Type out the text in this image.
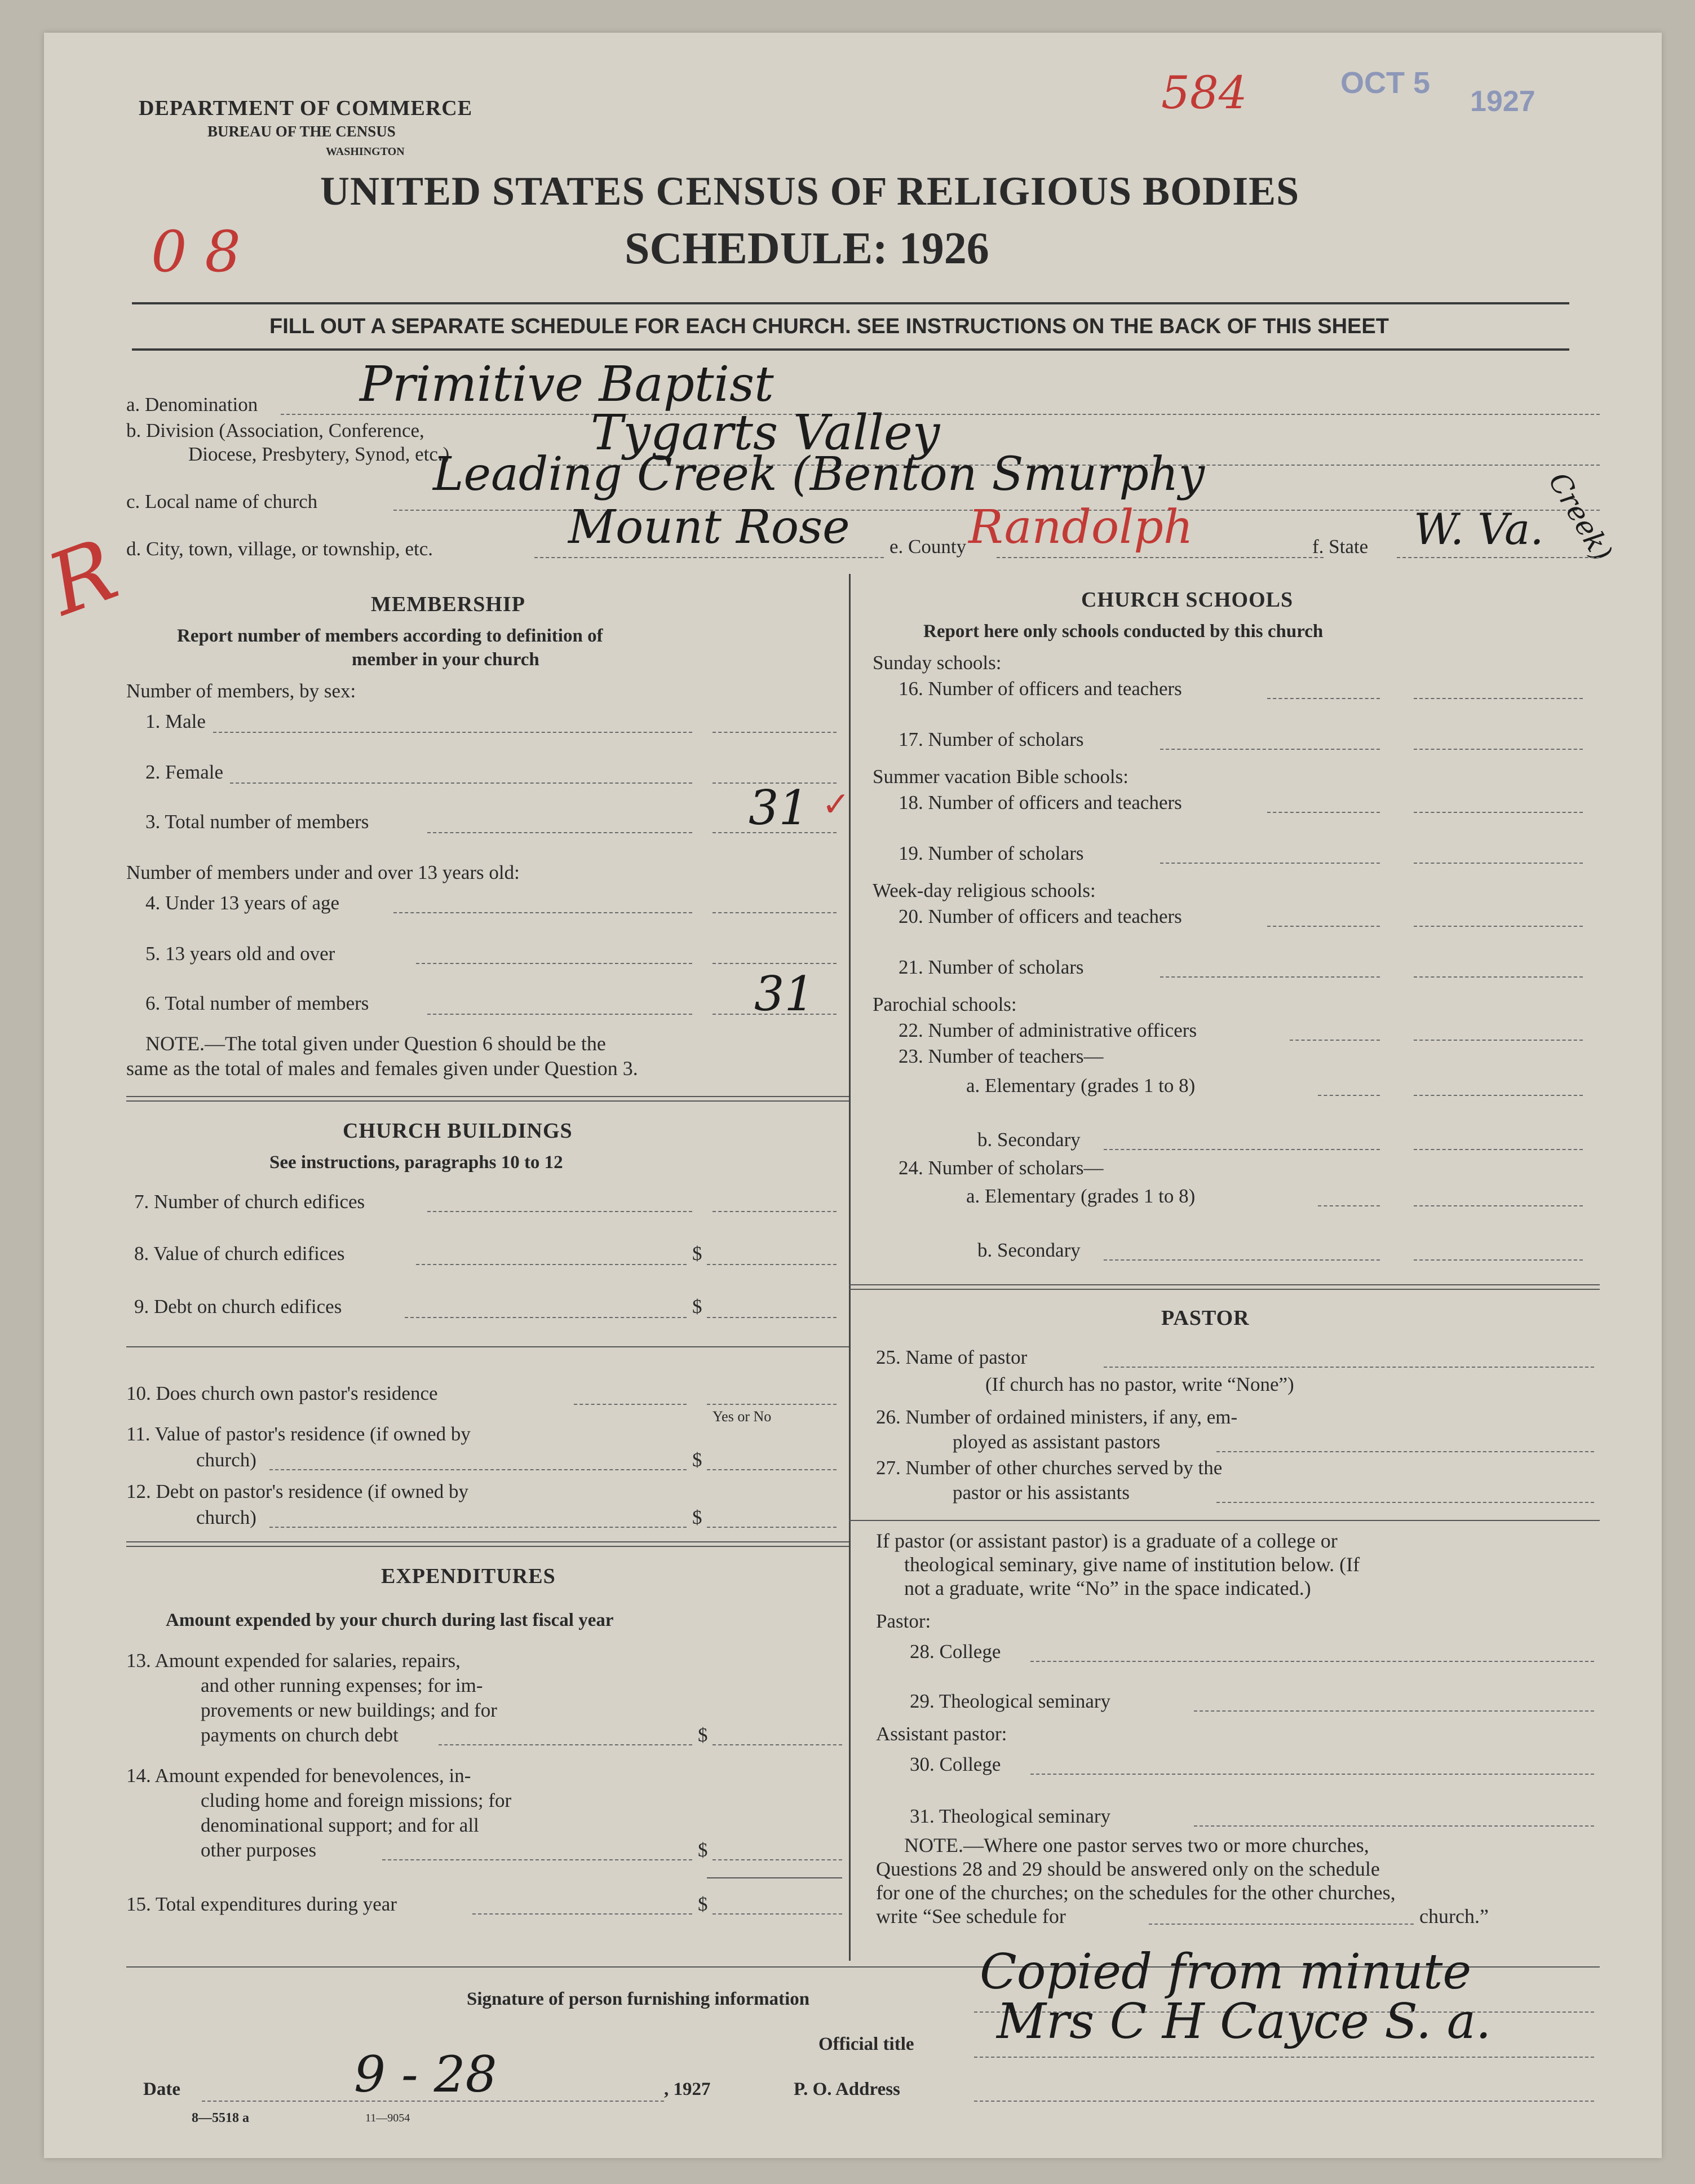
DEPARTMENT OF COMMERCE
BUREAU OF THE CENSUS
WASHINGTON
UNITED STATES CENSUS OF RELIGIOUS BODIES
SCHEDULE: 1926
584	OCT 5
1927
0 8
FILL OUT A SEPARATE SCHEDULE FOR EACH CHURCH. SEE INSTRUCTIONS ON THE BACK OF THIS SHEET
a. Denomination Primitive Baptist
b. Division (Association, Conference,
Diocese, Presbytery, Synod, etc.)	Tygarts Valley
c. Local name of church
Leading Creek (Benton Smurphy	Creek)
R
d. City, town, village, or township, etc.	Mount Rose e. County Randolph	f. State W. Va.
MEMBERSHIP
Report number of members according to definition of
member in your church
Number of members, by sex:
1. Male
2. Female
3. Total number of members	31 ✓
Number of members under and over 13 years old:
4. Under 13 years of age
5. 13 years old and over
6. Total number of members	31
NOTE.—The total given under Question 6 should be the
same as the total of males and females given under Question 3.
CHURCH BUILDINGS
See instructions, paragraphs 10 to 12
7. Number of church edifices
8. Value of church edifices	$
9. Debt on church edifices	$
10. Does church own pastor's residence
Yes or No
11. Value of pastor's residence (if owned by
church)	$
12. Debt on pastor's residence (if owned by
church)	$
EXPENDITURES
Amount expended by your church during last fiscal year
13. Amount expended for salaries, repairs,
and other running expenses; for im-
provements or new buildings; and for
payments on church debt	$
14. Amount expended for benevolences, in-
cluding home and foreign missions; for
denominational support; and for all
other purposes	$
15. Total expenditures during year	$
CHURCH SCHOOLS
Report here only schools conducted by this church
Sunday schools:
16. Number of officers and teachers
17. Number of scholars
Summer vacation Bible schools:
18. Number of officers and teachers
19. Number of scholars
Week-day religious schools:
20. Number of officers and teachers
21. Number of scholars
Parochial schools:
22. Number of administrative officers
23. Number of teachers—
a. Elementary (grades 1 to 8)
b. Secondary
24. Number of scholars—
a. Elementary (grades 1 to 8)
b. Secondary
PASTOR
25. Name of pastor
(If church has no pastor, write “None”)
26. Number of ordained ministers, if any, em-
ployed as assistant pastors
27. Number of other churches served by the
pastor or his assistants
If pastor (or assistant pastor) is a graduate of a college or
theological seminary, give name of institution below. (If
not a graduate, write “No” in the space indicated.)
Pastor:
28. College
29. Theological seminary
Assistant pastor:
30. College
31. Theological seminary
NOTE.—Where one pastor serves two or more churches,
Questions 28 and 29 should be answered only on the schedule
for one of the churches; on the schedules for the other churches,
write “See schedule for	church.”
Signature of person furnishing information	Copied from minute
Official title Mrs C H Cayce S. a.
Date	9 - 28	, 1927	P. O. Address
8—5518 a	11—9054
